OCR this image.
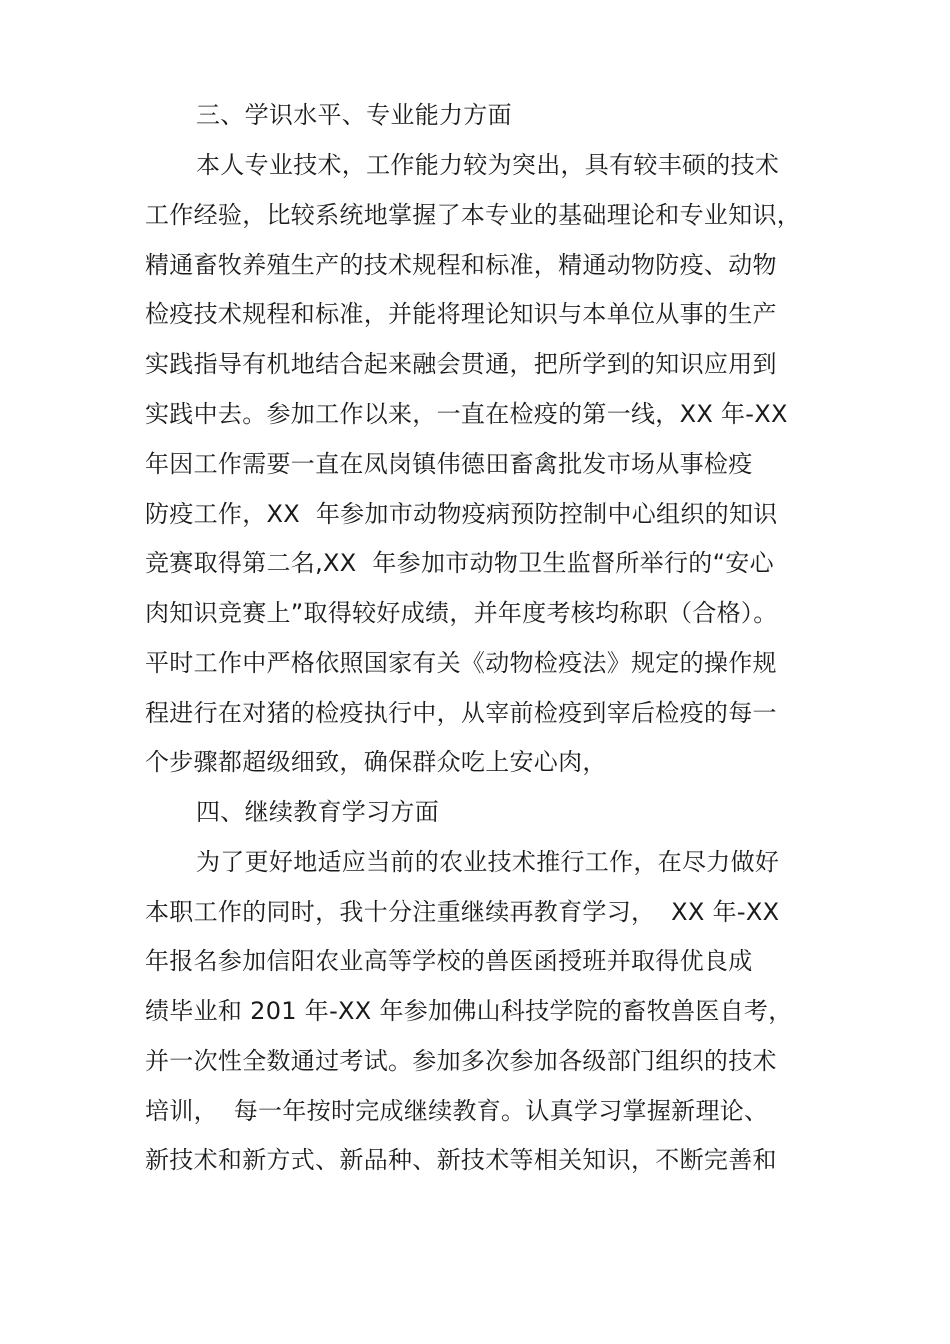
三、学识水平、专业能力方面
本人专业技术，工作能力较为突出，具有较丰硕的技术
工作经验，比较系统地掌握了本专业的基础理论和专业知识，
精通畜牧养殖生产的技术规程和标准，精通动物防疫、动物
检疫技术规程和标准，并能将理论知识与本单位从事的生产
实践指导有机地结合起来融会贯通，把所学到的知识应用到
实践中去。参加工作以来，一直在检疫的第一线，XX 年-XX
年因工作需要一直在凤岗镇伟德田畜禽批发市场从事检疫
防疫工作，XX  年参加市动物疫病预防控制中心组织的知识
竞赛取得第二名,XX  年参加市动物卫生监督所举行的“安心
肉知识竞赛上”取得较好成绩，并年度考核均称职（合格）。
平时工作中严格依照国家有关《动物检疫法》规定的操作规
程进行在对猪的检疫执行中，从宰前检疫到宰后检疫的每一
个步骤都超级细致，确保群众吃上安心肉，
四、继续教育学习方面
为了更好地适应当前的农业技术推行工作，在尽力做好
本职工作的同时，我十分注重继续再教育学习，  XX 年-XX
年报名参加信阳农业高等学校的兽医函授班并取得优良成
绩毕业和 201 年-XX 年参加佛山科技学院的畜牧兽医自考，
并一次性全数通过考试。参加多次参加各级部门组织的技术
培训，  每一年按时完成继续教育。认真学习掌握新理论、
新技术和新方式、新品种、新技术等相关知识，不断完善和
